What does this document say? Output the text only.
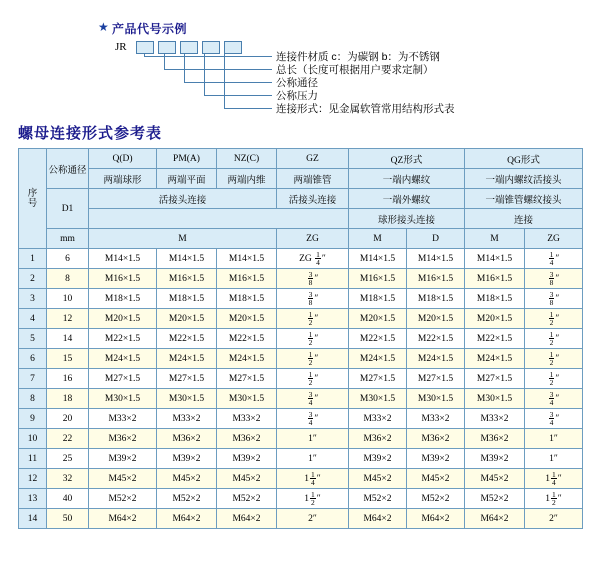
★ 产品代号示例
JR
连接件材质 c：为碳钢 b：为不锈钢
总长（长度可根据用户要求定制）
公称通径
公称压力
连接形式：见金属软管常用结构形式表
螺母连接形式参考表
序
号	公称通径	Q(D)	PM(A)	NZ(C)	GZ	QZ形式		QG形式	
		两端球形	两端平面	两端内维	两端锥管	一端内螺纹		一端内螺纹活接头	
	D1	活接头连接			活接头连接	一端外螺纹		一端锥管螺纹接头	
						球形接头连接		连接	
	mm	M			ZG	M	D	M	ZG
1	6	M14×1.5	M14×1.5	M14×1.5	ZG $\frac{1}{4}$ ″	M14×1.5	M14×1.5	M14×1.5	$\frac{1}{4}$ ″
2	8	M16×1.5	M16×1.5	M16×1.5	$\frac{3}{8}$ ″	M16×1.5	M16×1.5	M16×1.5	$\frac{3}{8}$ ″
3	10	M18×1.5	M18×1.5	M18×1.5	$\frac{3}{8}$ ″	M18×1.5	M18×1.5	M18×1.5	$\frac{3}{8}$ ″
4	12	M20×1.5	M20×1.5	M20×1.5	$\frac{1}{2}$ ″	M20×1.5	M20×1.5	M20×1.5	$\frac{1}{2}$ ″
5	14	M22×1.5	M22×1.5	M22×1.5	$\frac{1}{2}$ ″	M22×1.5	M22×1.5	M22×1.5	$\frac{1}{2}$ ″
6	15	M24×1.5	M24×1.5	M24×1.5	$\frac{1}{2}$ ″	M24×1.5	M24×1.5	M24×1.5	$\frac{1}{2}$ ″
7	16	M27×1.5	M27×1.5	M27×1.5	$\frac{1}{2}$ ″	M27×1.5	M27×1.5	M27×1.5	$\frac{1}{2}$ ″
8	18	M30×1.5	M30×1.5	M30×1.5	$\frac{3}{4}$ ″	M30×1.5	M30×1.5	M30×1.5	$\frac{3}{4}$ ″
9	20	M33×2	M33×2	M33×2	$\frac{3}{4}$ ″	M33×2	M33×2	M33×2	$\frac{3}{4}$ ″
10	22	M36×2	M36×2	M36×2	1″	M36×2	M36×2	M36×2	1″
11	25	M39×2	M39×2	M39×2	1″	M39×2	M39×2	M39×2	1″
12	32	M45×2	M45×2	M45×2	$1 \frac{1}{4}$ ″	M45×2	M45×2	M45×2	$1 \frac{1}{4}$ ″
13	40	M52×2	M52×2	M52×2	$1 \frac{1}{2}$ ″	M52×2	M52×2	M52×2	$1 \frac{1}{2}$ ″
14	50	M64×2	M64×2	M64×2	2″	M64×2	M64×2	M64×2	2″
